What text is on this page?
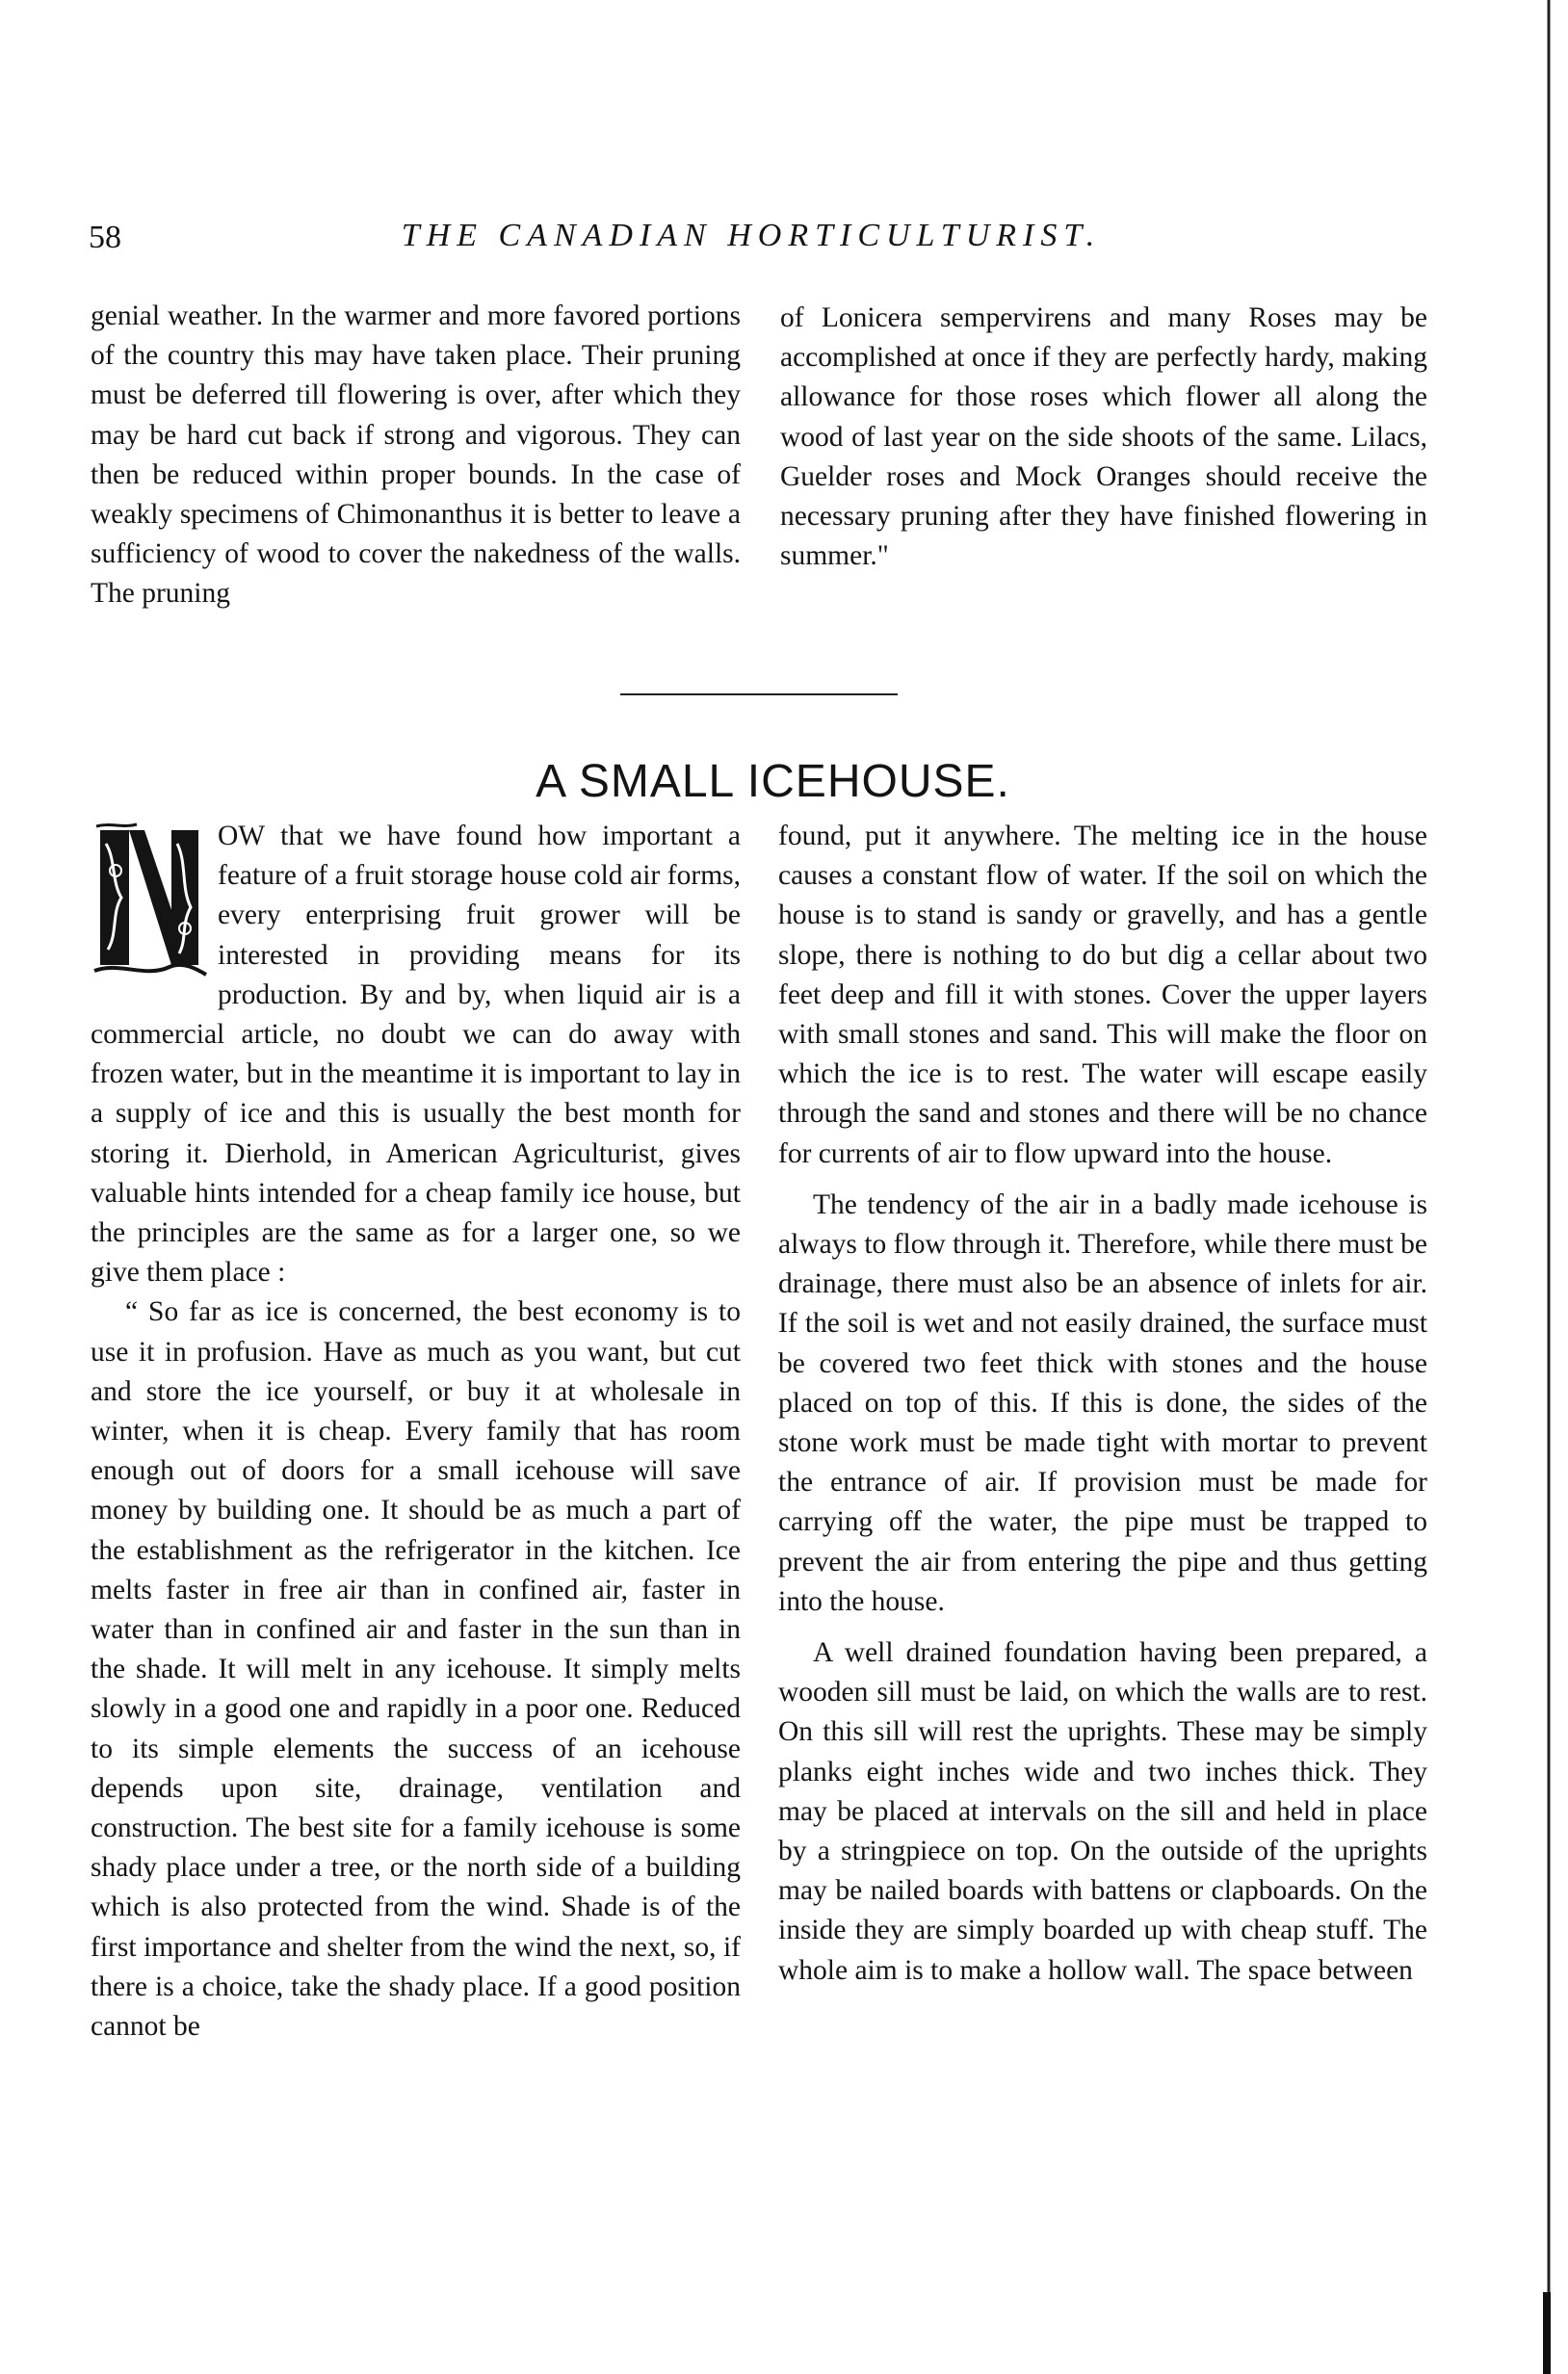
58	THE CANADIAN HORTICULTURIST.

genial weather. In the warmer and more favored portions of the country this may have taken place. Their pruning must be deferred till flowering is over, after which they may be hard cut back if strong and vigorous. They can then be reduced within proper bounds. In the case of weakly specimens of Chimonanthus it is better to leave a sufficiency of wood to cover the nakedness of the walls. The pruning

of Lonicera sempervirens and many Roses may be accomplished at once if they are perfectly hardy, making allowance for those roses which flower all along the wood of last year on the side shoots of the same. Lilacs, Guelder roses and Mock Oranges should receive the necessary pruning after they have finished flowering in summer."

A SMALL ICEHOUSE.

OW that we have found how important a feature of a fruit storage house cold air forms, every enterprising fruit grower will be interested in providing means for its production. By and by, when liquid air is a commercial article, no doubt we can do away with frozen water, but in the meantime it is important to lay in a supply of ice and this is usually the best month for storing it. Dierhold, in American Agriculturist, gives valuable hints intended for a cheap family ice house, but the principles are the same as for a larger one, so we give them place :

“ So far as ice is concerned, the best economy is to use it in profusion. Have as much as you want, but cut and store the ice yourself, or buy it at wholesale in winter, when it is cheap. Every family that has room enough out of doors for a small icehouse will save money by building one. It should be as much a part of the establishment as the refrigerator in the kitchen. Ice melts faster in free air than in confined air, faster in water than in confined air and faster in the sun than in the shade. It will melt in any icehouse. It simply melts slowly in a good one and rapidly in a poor one. Reduced to its simple elements the success of an icehouse depends upon site, drainage, ventilation and construction. The best site for a family icehouse is some shady place under a tree, or the north side of a building which is also protected from the wind. Shade is of the first importance and shelter from the wind the next, so, if there is a choice, take the shady place. If a good position cannot be

found, put it anywhere. The melting ice in the house causes a constant flow of water. If the soil on which the house is to stand is sandy or gravelly, and has a gentle slope, there is nothing to do but dig a cellar about two feet deep and fill it with stones. Cover the upper layers with small stones and sand. This will make the floor on which the ice is to rest. The water will escape easily through the sand and stones and there will be no chance for currents of air to flow upward into the house.

The tendency of the air in a badly made icehouse is always to flow through it. Therefore, while there must be drainage, there must also be an absence of inlets for air. If the soil is wet and not easily drained, the surface must be covered two feet thick with stones and the house placed on top of this. If this is done, the sides of the stone work must be made tight with mortar to prevent the entrance of air. If provision must be made for carrying off the water, the pipe must be trapped to prevent the air from entering the pipe and thus getting into the house.

A well drained foundation having been prepared, a wooden sill must be laid, on which the walls are to rest. On this sill will rest the uprights. These may be simply planks eight inches wide and two inches thick. They may be placed at intervals on the sill and held in place by a stringpiece on top. On the outside of the uprights may be nailed boards with battens or clapboards. On the inside they are simply boarded up with cheap stuff. The whole aim is to make a hollow wall. The space between
